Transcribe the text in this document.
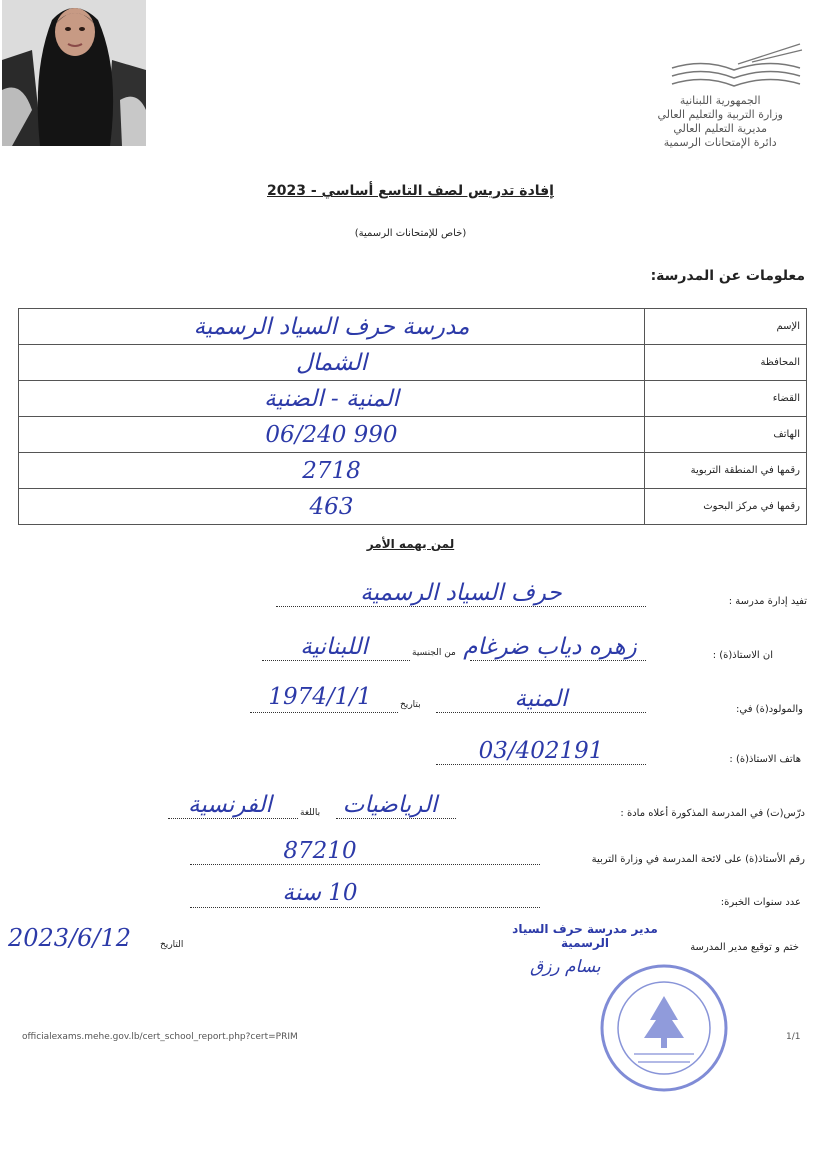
الجمهورية اللبنانية
وزارة التربية والتعليم العالي
مديرية التعليم العالي
دائرة الإمتحانات الرسمية
إفادة تدريس لصف التاسع أساسي - 2023
(خاص للإمتحانات الرسمية)
معلومات عن المدرسة:
مدرسة حرف السياد الرسمية	الإسم
الشمال	المحافظة
المنية - الضنية	القضاء
06/240 990	الهاتف
2718	رقمها في المنطقة التربوية
463	رقمها في مركز البحوث
لمن يهمه الأمر
تفيد إدارة مدرسة :
حرف السياد الرسمية
ان الاستاذ(ة) :
زهره دياب ضرغام
من الجنسية
اللبنانية
والمولود(ة) في:
المنية
بتاريخ
1974/1/1
هاتف الاستاذ(ة) :
03/402191
درّس(ت) في المدرسة المذكورة أعلاه مادة :
الرياضيات
باللغة
الفرنسية
رقم الأستاذ(ة) على لائحة المدرسة في وزارة التربية
87210
عدد سنوات الخبرة:
10 سنة
ختم و توقيع مدير المدرسة
التاريخ
2023/6/12	مدير مدرسة حرف السياد الرسمية
بسام رزق
officialexams.mehe.gov.lb/cert_school_report.php?cert=PRIM	1/1
